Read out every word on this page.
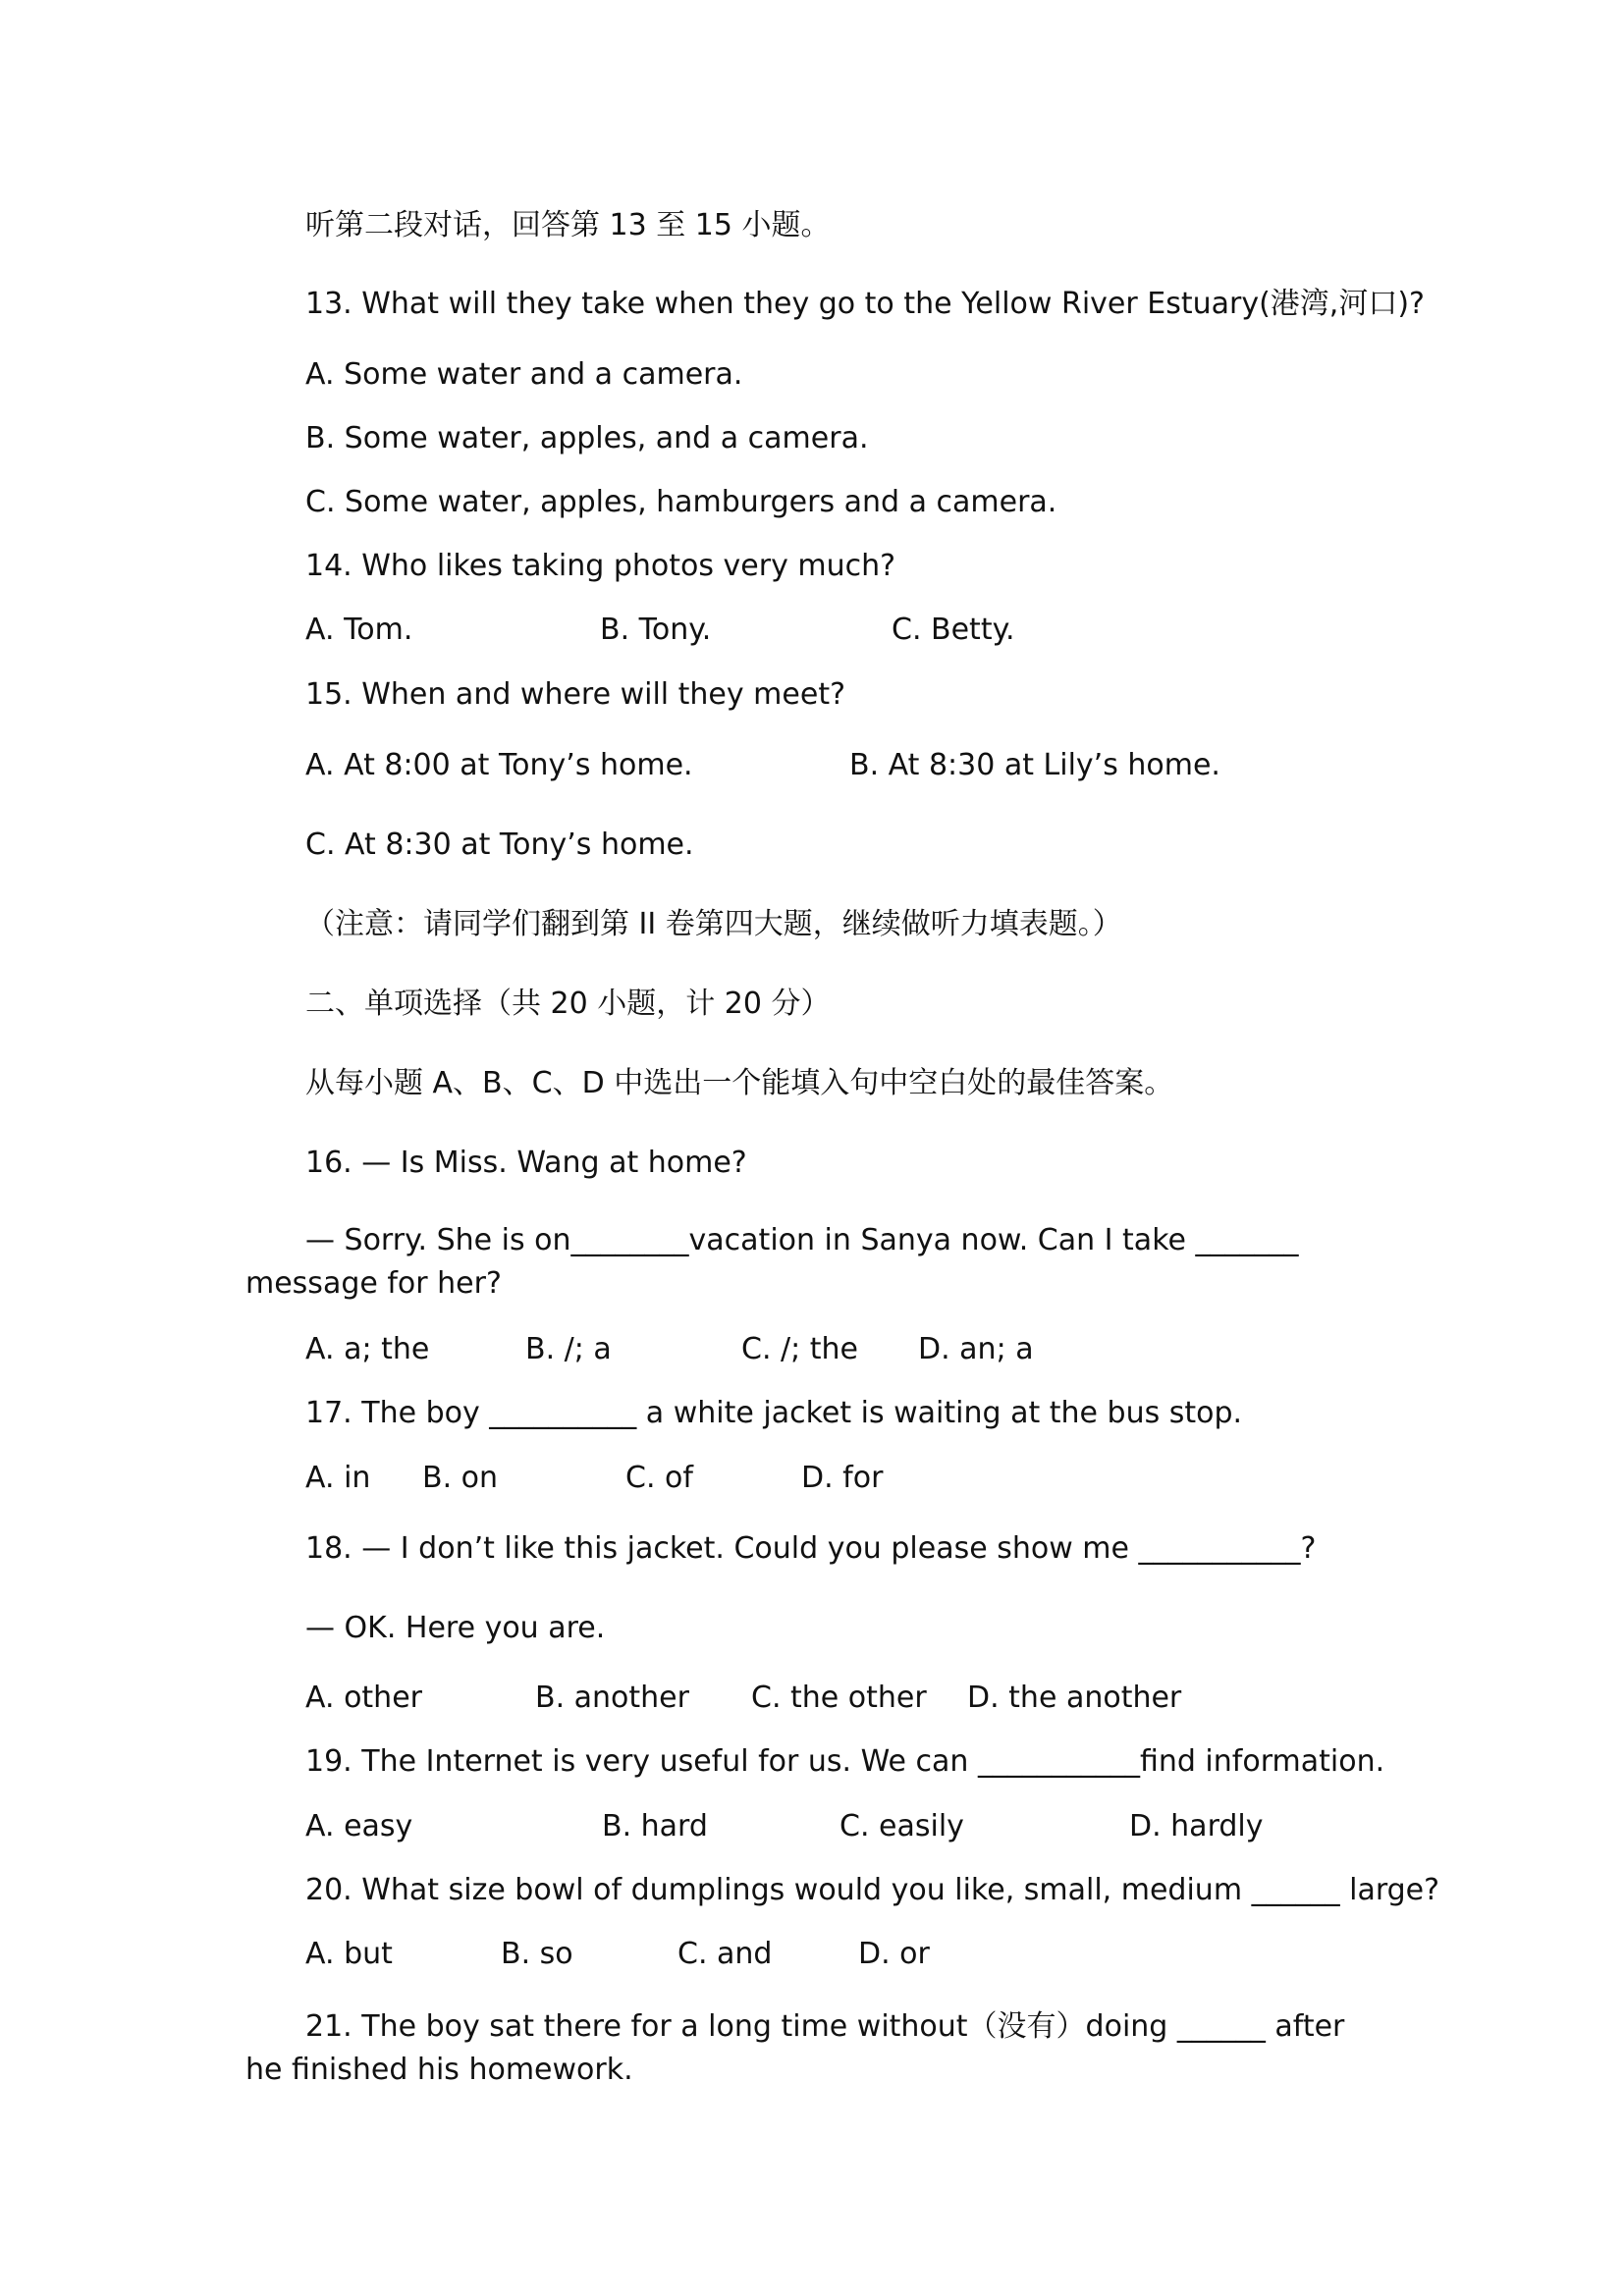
听第二段对话，回答第 13 至 15 小题。
13. What will they take when they go to the Yellow River Estuary(港湾,河口)?
A. Some water and a camera.
B. Some water, apples, and a camera.
C. Some water, apples, hamburgers and a camera.
14. Who likes taking photos very much?
A. Tom.	B. Tony.	C. Betty.
15. When and where will they meet?
A. At 8:00 at Tony’s home.	B. At 8:30 at Lily’s home.
C. At 8:30 at Tony’s home.
（注意：请同学们翻到第 II 卷第四大题，继续做听力填表题。）
二、单项选择（共 20 小题，计 20 分）
从每小题 A、B、C、D 中选出一个能填入句中空白处的最佳答案。
16. — Is Miss. Wang at home?
— Sorry. She is on________vacation in Sanya now. Can I take _______ message for her?
A. a; the	B. /; a	C. /; the D. an; a
17. The boy __________ a white jacket is waiting at the bus stop.
A. in B. on	C. of	D. for
18. — I don’t like this jacket. Could you please show me ___________?
— OK. Here you are.
A. other	B. another C. the other D. the another
19. The Internet is very useful for us. We can ___________find information.
A. easy	B. hard	C. easily	D. hardly
20. What size bowl of dumplings would you like, small, medium ______ large?
A. but	B. so	C. and	D. or
21. The boy sat there for a long time without（没有）doing ______ after he finished his homework.
